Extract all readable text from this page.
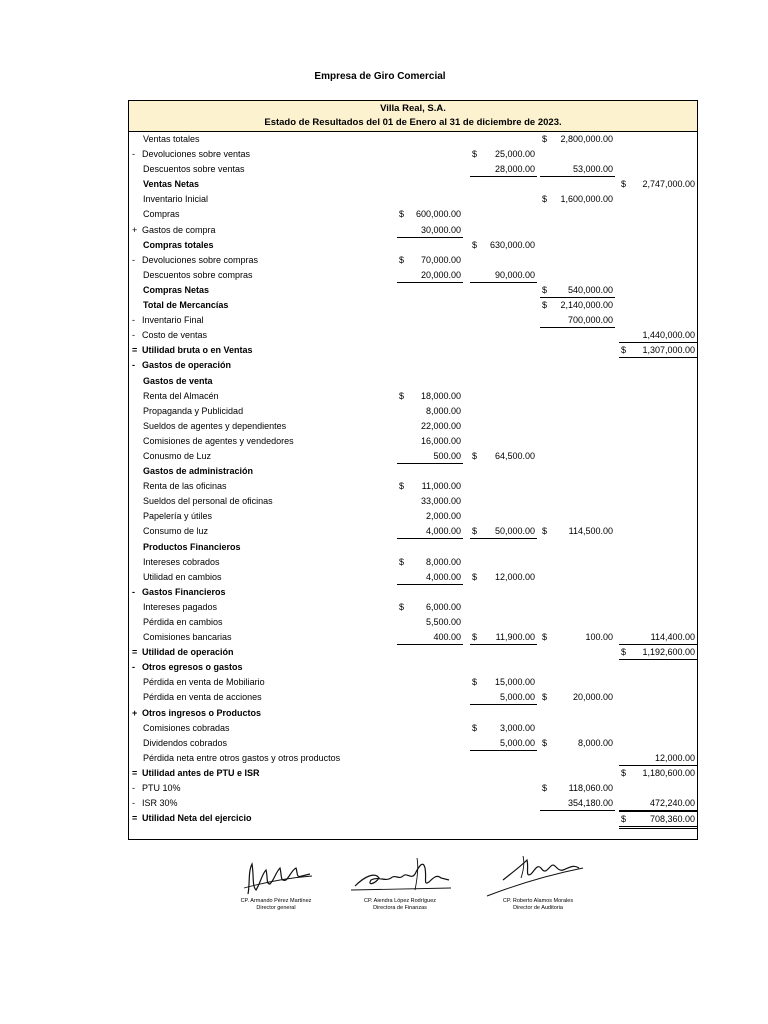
Empresa de Giro Comercial
Villa Real, S.A.
Estado de Resultados del 01 de Enero al 31 de diciembre de 2023.
Ventas totales	$ 2,800,000.00
- Devoluciones sobre ventas	$ 25,000.00
Descuentos sobre ventas	28,000.00	53,000.00
Ventas Netas	$ 2,747,000.00
Inventario Inicial	$ 1,600,000.00
Compras	$ 600,000.00
+ Gastos de compra	30,000.00
Compras totales	$ 630,000.00
- Devoluciones sobre compras	$ 70,000.00
Descuentos sobre compras	20,000.00	90,000.00
Compras Netas	$ 540,000.00
Total de Mercancías	$ 2,140,000.00
- Inventario Final	700,000.00
- Costo de ventas	1,440,000.00
= Utilidad bruta o en Ventas	$ 1,307,000.00
- Gastos de operación
Gastos de venta
Renta del Almacén	$ 18,000.00
Propaganda y Publicidad	8,000.00
Sueldos de agentes y dependientes	22,000.00
Comisiones de agentes y vendedores	16,000.00
Conusmo de Luz	500.00 $ 64,500.00
Gastos de administración
Renta de las oficinas	$ 11,000.00
Sueldos del personal de oficinas	33,000.00
Papelería y útiles	2,000.00
Consumo de luz	4,000.00 $ 50,000.00 $ 114,500.00
Productos Financieros
Intereses cobrados	$ 8,000.00
Utilidad en cambios	4,000.00 $ 12,000.00
- Gastos Financieros
Intereses pagados	$ 6,000.00
Pérdida en cambios	5,500.00
Comisiones bancarias	400.00 $ 11,900.00 $	100.00	114,400.00
= Utilidad de operación	$ 1,192,600.00
- Otros egresos o gastos
Pérdida en venta de Mobiliario	$ 15,000.00
Pérdida en venta de acciones	5,000.00 $	20,000.00
+ Otros ingresos o Productos
Comisiones cobradas	$	3,000.00
Dividendos cobrados	5,000.00 $	8,000.00
Pérdida neta entre otros gastos y otros productos	12,000.00
= Utilidad antes de PTU e ISR	$ 1,180,600.00
- PTU 10%	$ 118,060.00
- ISR 30%	354,180.00	472,240.00
= Utilidad Neta del ejercicio	$	708,360.00
CP. Armando Pérez Martínez
Director general
CP. Aiendra López Rodríguez
Directora de Finanzas
CP. Roberto Alamos Morales
Director de Auditoria
